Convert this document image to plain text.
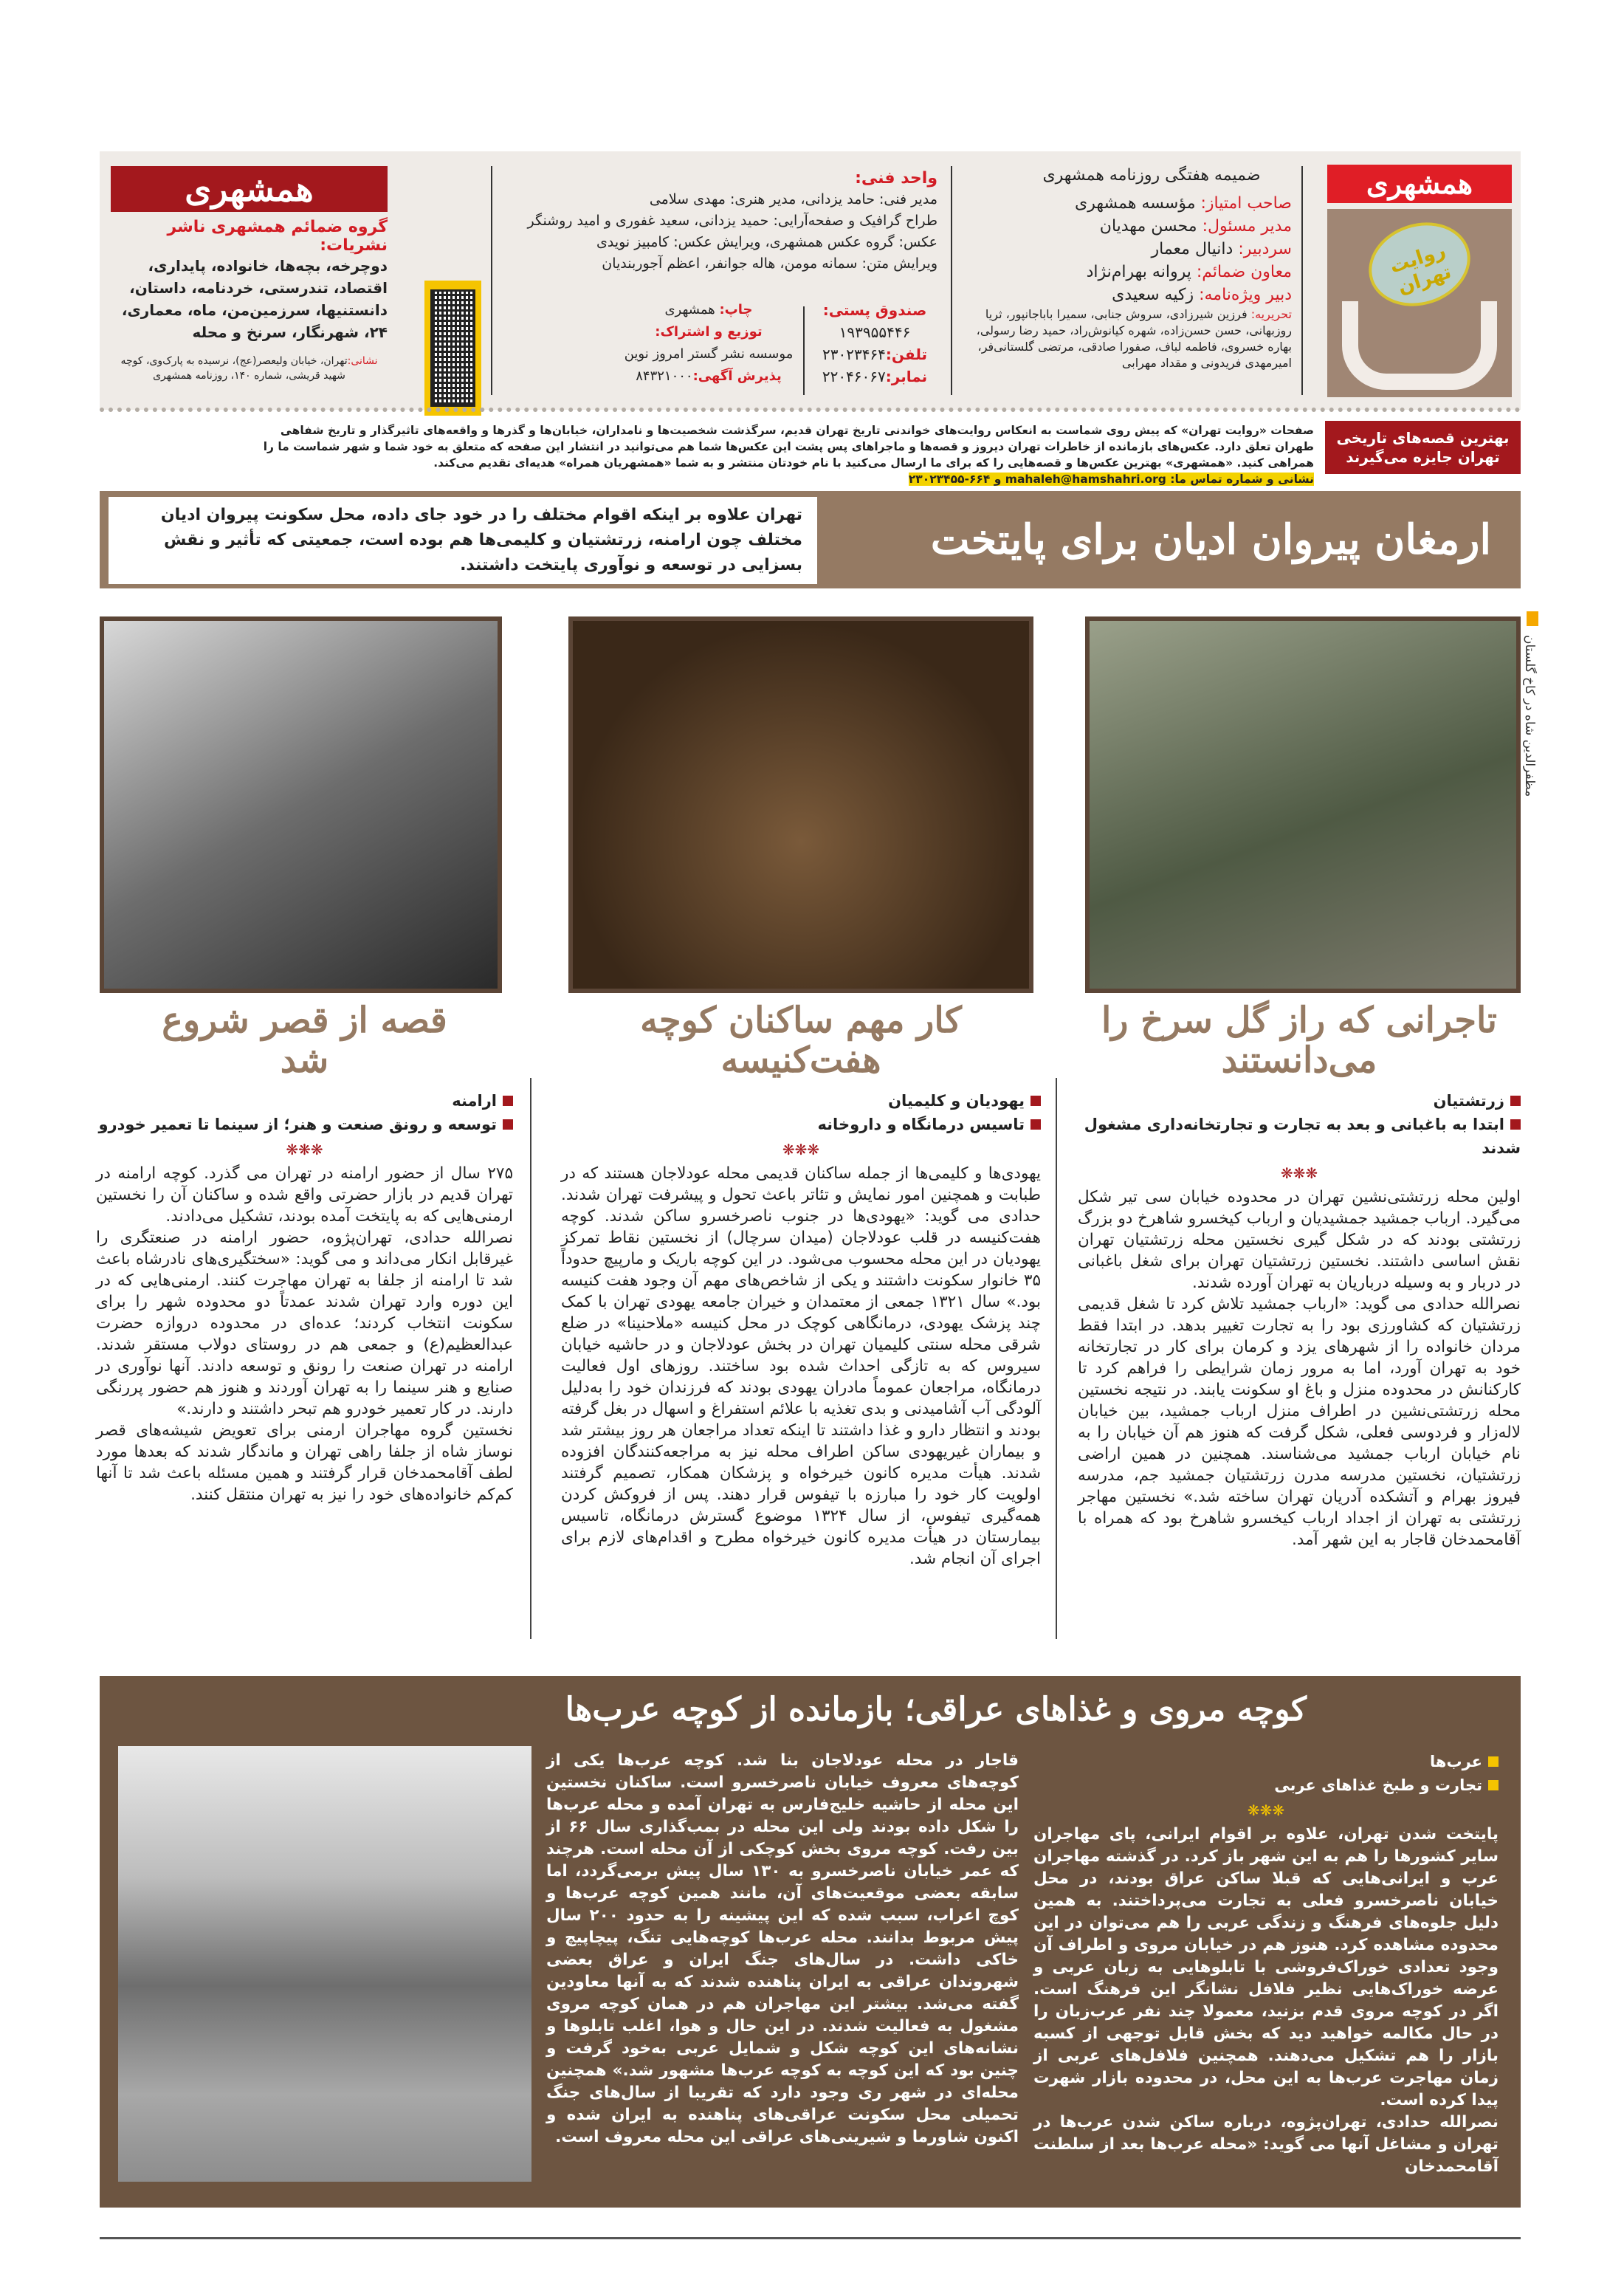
همشهری
روایت تهران
ضمیمه هفتگی روزنامه همشهری
صاحب امتیاز: مؤسسه همشهری
مدیر مسئول: محسن مهدیان
سردبیر: دانیال معمار
معاون ضمائم: پروانه بهرام‌نژاد
دبیر ویژه‌نامه: زکیه سعیدی
تحریریه: فرزین شیرزادی، سروش جنابی، سمیرا باباجانپور، ثریا روزبهانی، حسن حسن‌زاده، شهره کیانوش‌راد، حمید رضا رسولی، بهاره خسروی، فاطمه لباف، صفورا صادقی، مرتضی گلستانی‌فر، امیرمهدی فریدونی و مقداد مهرابی
واحد فنی:
مدیر فنی: حامد یزدانی، مدیر هنری: مهدی سلامی
طراح گرافیک و صفحه‌آرایی: حمید یزدانی، سعید غفوری و امید روشنگر
عکس: گروه عکس همشهری، ویرایش عکس: کامبیز نویدی
ویرایش متن: سمانه مومن، هاله جوانفر، اعظم آجوربندیان
صندوق پستی:
۱۹۳۹۵۵۴۴۶
تلفن:۲۳۰۲۳۴۶۴
نمابر:۲۲۰۴۶۰۶۷
چاپ: همشهری
توزیع و اشتراک:
موسسه نشر گستر امروز نوین
پذیرش آگهی:۸۴۳۲۱۰۰۰
همشهری
گروه ضمائم همشهری ناشر نشریات:
دوچرخه، بچه‌ها، خانواده، پایداری، اقتصاد، تندرستی، خردنامه، داستان، دانستنیها، سرزمین‌من، ماه، معماری، ۲۴، شهرنگار، سرنخ و محله
نشانی:تهران، خیابان ولیعصر(عج)، نرسیده به پارک‌وی، کوچه شهید قریشی، شماره ۱۴۰، روزنامه همشهری
بهترین قصه‌های تاریخی تهران جایزه می‌گیرند
صفحات «روایت تهران» که پیش روی شماست به انعکاس روایت‌های خواندنی تاریخ تهران قدیم، سرگذشت شخصیت‌ها و نامداران، خیابان‌ها و گذرها و واقعه‌های تاثیرگذار و تاریخ شفاهی طهران تعلق دارد. عکس‌های بازمانده از خاطرات تهران دیروز و قصه‌ها و ماجراهای پس پشت این عکس‌ها شما هم می‌توانید در انتشار این صفحه که متعلق به خود شما و شهر شماست ما را همراهی کنید. «همشهری» بهترین عکس‌ها و قصه‌هایی را که برای ما ارسال می‌کنید با نام خودتان منتشر و به شما «همشهریان همراه» هدیه‌ای تقدیم می‌کند.
نشانی و شماره تماس ما: mahaleh@hamshahri.org و ۶۶۴-۲۳۰۲۳۴۵۵
ارمغان پیروان ادیان برای پایتخت
تهران علاوه بر اینکه اقوام مختلف را در خود جای داده، محل سکونت پیروان ادیان مختلف چون ارامنه، زرتشتیان و کلیمی‌ها هم بوده است، جمعیتی که تأثیر و نقش بسزایی در توسعه و نوآوری پایتخت داشتند.
مظفرالدین شاه در کاخ گلستان
تاجرانی که راز گل سرخ را می‌دانستند
زرتشتیان
ابتدا به باغبانی و بعد به تجارت و تجارتخانه‌داری مشغول شدند
❋❋❋

اولین محله زرتشتی‌نشین تهران در محدوده خیابان سی تیر شکل می‌گیرد. ارباب جمشید جمشیدیان و ارباب کیخسرو شاهرخ دو بزرگ زرتشتی بودند که در شکل گیری نخستین محله زرتشتیان تهران نقش اساسی داشتند. نخستین زرتشتیان تهران برای شغل باغبانی در دربار و به وسیله درباریان به تهران آورده شدند.

نصرالله حدادی می گوید: «ارباب جمشید تلاش کرد تا شغل قدیمی زرتشتیان که کشاورزی بود را به تجارت تغییر بدهد. در ابتدا فقط مردان خانواده را از شهرهای یزد و کرمان برای کار در تجارتخانه خود به تهران آورد، اما به مرور زمان شرایطی را فراهم کرد تا کارکنانش در محدوده منزل و باغ او سکونت یابند. در نتیجه نخستین محله زرتشتی‌نشین در اطراف منزل ارباب جمشید، بین خیابان لاله‌زار و فردوسی فعلی، شکل گرفت که هنوز هم آن خیابان را به نام خیابان ارباب جمشید می‌شناسند. همچنین در همین اراضی زرتشتیان، نخستین مدرسه مدرن زرتشتیان جمشید جم، مدرسه فیروز بهرام و آتشکده آدریان تهران ساخته شد.» نخستین مهاجر زرتشتی به تهران از اجداد ارباب کیخسرو شاهرخ بود که همراه با آقامحمدخان قاجار به این شهر آمد.

کار مهم ساکنان کوچه هفت‌کنیسه
یهودیان و کلیمیان
تاسیس درمانگاه و داروخانه
❋❋❋

یهودی‌ها و کلیمی‌ها از جمله ساکنان قدیمی محله عودلاجان هستند که در طبابت و همچنین امور نمایش و تئاتر باعث تحول و پیشرفت تهران شدند. حدادی می گوید: «یهودی‌ها در جنوب ناصرخسرو ساکن شدند. کوچه هفت‌کنیسه در قلب عودلاجان (میدان سرچال) از نخستین نقاط تمرکز یهودیان در این محله محسوب می‌شود. در این کوچه باریک و مارپیچ حدوداً ۳۵ خانوار سکونت داشتند و یکی از شاخص‌های مهم آن وجود هفت کنیسه بود.» سال ۱۳۲۱ جمعی از معتمدان و خیران جامعه یهودی تهران با کمک چند پزشک یهودی، درمانگاهی کوچک در محل کنیسه «ملاحنینا» در ضلع شرقی محله سنتی کلیمیان تهران در بخش عودلاجان و در حاشیه خیابان سیروس که به تازگی احداث شده بود ساختند. روزهای اول فعالیت درمانگاه، مراجعان عموماً مادران یهودی بودند که فرزندان خود را به‌دلیل آلودگی آب آشامیدنی و بدی تغذیه با علائم استفراغ و اسهال در بغل گرفته بودند و انتظار دارو و غذا داشتند تا اینکه تعداد مراجعان هر روز بیشتر شد و بیماران غیریهودی ساکن اطراف محله نیز به مراجعه‌کنندگان افزوده شدند. هیأت مدیره کانون خیرخواه و پزشکان همکار، تصمیم گرفتند اولویت کار خود را مبارزه با تیفوس قرار دهند. پس از فروکش کردن همه‌گیری تیفوس، از سال ۱۳۲۴ موضوع گسترش درمانگاه، تاسیس بیمارستان در هیأت مدیره کانون خیرخواه مطرح و اقدام‌های لازم برای اجرای آن انجام شد.

قصه از قصر شروع شد
ارامنه
توسعه و رونق صنعت و هنر؛ از سینما تا تعمیر خودرو
❋❋❋

۲۷۵ سال از حضور ارامنه در تهران می گذرد. کوچه ارامنه در تهران قدیم در بازار حضرتی واقع شده و ساکنان آن را نخستین ارمنی‌هایی که به پایتخت آمده بودند، تشکیل می‌دادند.

نصرالله حدادی، تهران‌پژوه، حضور ارامنه در صنعتگری را غیرقابل انکار می‌داند و می گوید: «سختگیری‌های نادرشاه باعث شد تا ارامنه از جلفا به تهران مهاجرت کنند. ارمنی‌هایی که در این دوره وارد تهران شدند عمدتاً دو محدوده شهر را برای سکونت انتخاب کردند؛ عده‌ای در محدوده دروازه حضرت عبدالعظیم(ع) و جمعی هم در روستای دولاب مستقر شدند. ارامنه در تهران صنعت را رونق و توسعه دادند. آنها نوآوری در صنایع و هنر سینما را به تهران آوردند و هنوز هم حضور پررنگی دارند. در کار تعمیر خودرو هم تبحر داشتند و دارند.»

نخستین گروه مهاجران ارمنی برای تعویض شیشه‌های قصر نوساز شاه از جلفا راهی تهران و ماندگار شدند که بعدها مورد لطف آقامحمدخان قرار گرفتند و همین مسئله باعث شد تا آنها کم‌کم خانواده‌های خود را نیز به تهران منتقل کنند.

کوچه مروی و غذاهای عراقی؛ بازمانده از کوچه عرب‌ها
عرب‌ها
تجارت و طبخ غذاهای عربی
❋❋❋

پایتخت شدن تهران، علاوه بر اقوام ایرانی، پای مهاجران سایر کشورها را هم به این شهر باز کرد. در گذشته مهاجران عرب و ایرانی‌هایی که قبلا ساکن عراق بودند، در محل خیابان ناصرخسرو فعلی به تجارت می‌پرداختند. به همین دلیل جلوه‌های فرهنگ و زندگی عربی را هم می‌توان در این محدوده مشاهده کرد. هنوز هم در خیابان مروی و اطراف آن وجود تعدادی خوراک‌فروشی با تابلوهایی به زبان عربی و عرضه خوراک‌هایی نظیر فلافل نشانگر این فرهنگ است. اگر در کوچه مروی قدم بزنید، معمولا چند نفر عرب‌زبان را در حال مکالمه خواهید دید که بخش قابل توجهی از کسبه بازار را هم تشکیل می‌دهند. همچنین فلافل‌های عربی از زمان مهاجرت عرب‌ها به این محل، در محدوده بازار شهرت پیدا کرده است.

نصرالله حدادی، تهران‌پژوه، درباره ساکن شدن عرب‌ها در تهران و مشاغل آنها می گوید: «محله عرب‌ها بعد از سلطنت آقامحمدخان

قاجار در محله عودلاجان بنا شد. کوچه عرب‌ها یکی از کوچه‌های معروف خیابان ناصرخسرو است. ساکنان نخستین این محله از حاشیه خلیج‌فارس به تهران آمده و محله عرب‌ها را شکل داده بودند ولی این محله در بمب‌گذاری سال ۶۶ از بین رفت. کوچه مروی بخش کوچکی از آن محله است. هرچند که عمر خیابان ناصرخسرو به ۱۳۰ سال پیش برمی‌گردد، اما سابقه بعضی موقعیت‌های آن، مانند همین کوچه عرب‌ها و کوچ اعراب، سبب شده که این پیشینه را به حدود ۲۰۰ سال پیش مربوط بدانند. محله عرب‌ها کوچه‌هایی تنگ، پیچاپیچ و خاکی داشت. در سال‌های جنگ ایران و عراق بعضی شهروندان عراقی به ایران پناهنده شدند که به آنها معاودین گفته می‌شد. بیشتر این مهاجران هم در همان کوچه مروی مشغول به فعالیت شدند. در این حال و هوا، اغلب تابلوها و نشانه‌های این کوچه شکل و شمایل عربی به‌خود گرفت و چنین بود که این کوچه به کوچه عرب‌ها مشهور شد.» همچنین محله‌ای در شهر ری وجود دارد که تقریبا از سال‌های جنگ تحمیلی محل سکونت عراقی‌های پناهنده به ایران شده و اکنون شاورما و شیرینی‌های عراقی این محله معروف است.
